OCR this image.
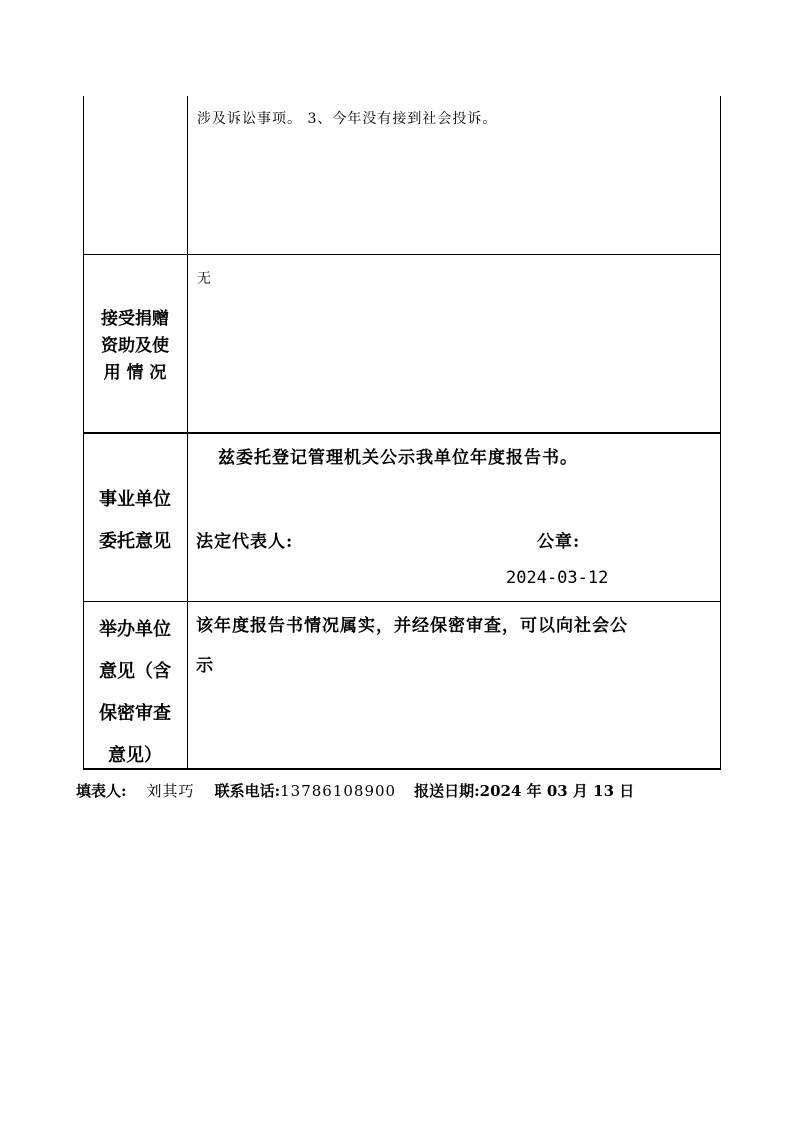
涉及诉讼事项。 3、今年没有接到社会投诉。
接受捐赠
资助及使
用 情 况
无
事业单位
委托意见
兹委托登记管理机关公示我单位年度报告书。
法定代表人:	公章:
2024-03-12
举办单位
意见（含
保密审查
意见）
该年度报告书情况属实，并经保密审查，可以向社会公
示
填表人: 刘其巧 联系电话:13786108900 报送日期:2024 年 03 月 13 日
